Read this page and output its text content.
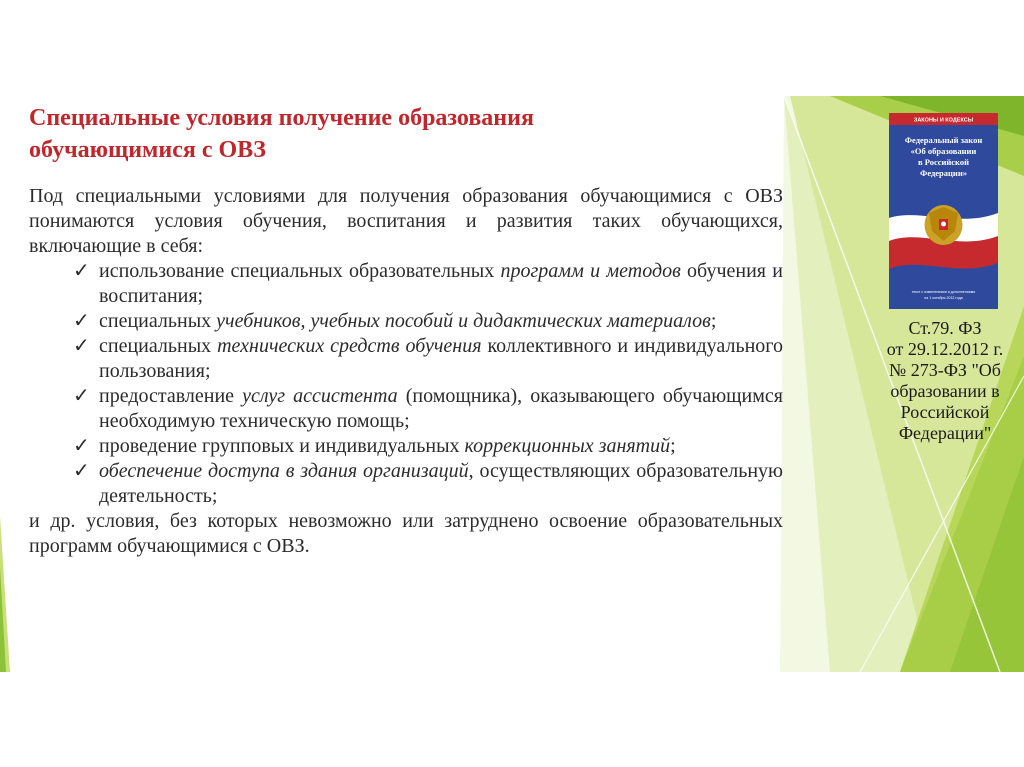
Специальные условия получение образования
обучающимися с ОВЗ

Под специальными условиями для получения образования обучающимися с ОВЗ понимаются условия обучения, воспитания и развития таких обучающихся, включающие в себя:

✓ использование специальных образовательных программ и методов обучения и воспитания;
✓ специальных учебников, учебных пособий и дидактических материалов;
✓ специальных технических средств обучения коллективного и индивидуального пользования;
✓ предоставление услуг ассистента (помощника), оказывающего обучающимся необходимую техническую помощь;
✓ проведение групповых и индивидуальных коррекционных занятий;
✓ обеспечение доступа в здания организаций, осуществляющих образовательную деятельность;

и др. условия, без которых невозможно или затруднено освоение образовательных программ обучающимися с ОВЗ.

ЗАКОНЫ И КОДЕКСЫ
Федеральный закон
«Об образовании
в Российской
Федерации»
текст с изменениями и дополнениями
на 1 октября 2012 года
Ст.79. ФЗ
от 29.12.2012 г.
№ 273-ФЗ "Об
образовании в
Российской
Федерации"
